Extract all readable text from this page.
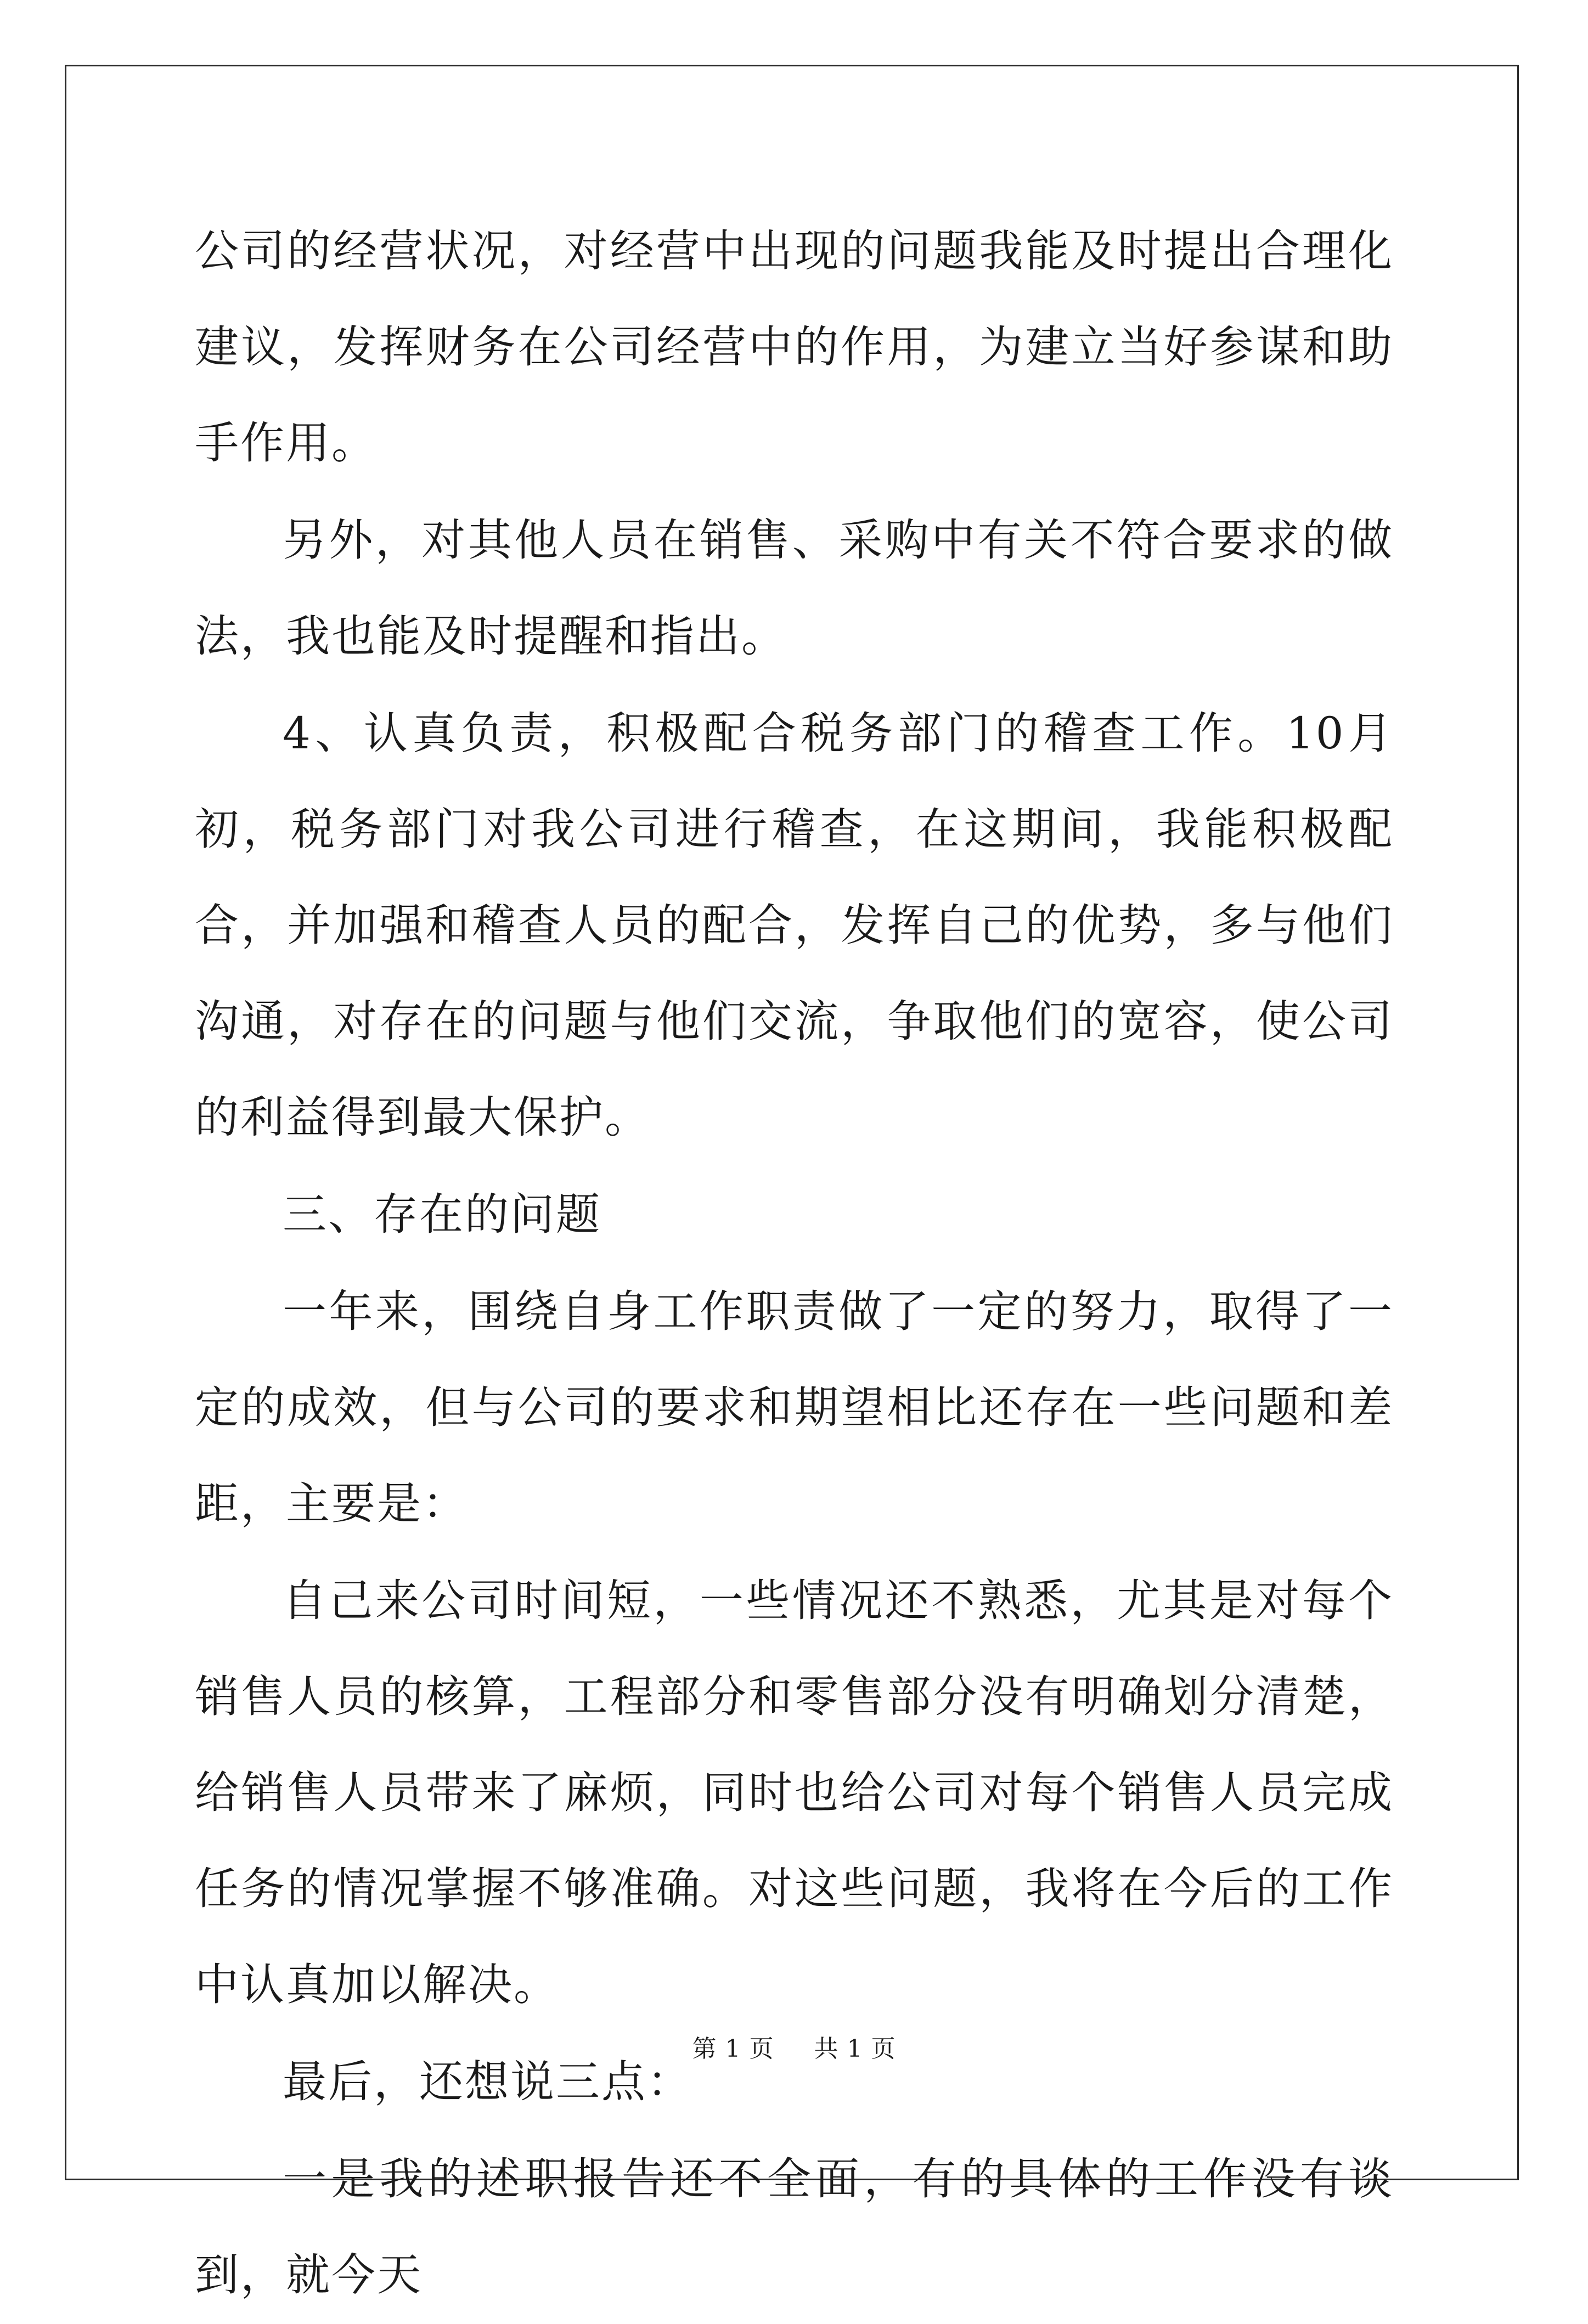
公司的经营状况，对经营中出现的问题我能及时提出合理化建议，发挥财务在公司经营中的作用，为建立当好参谋和助手作用。

另外，对其他人员在销售、采购中有关不符合要求的做法，我也能及时提醒和指出。

4、认真负责，积极配合税务部门的稽查工作。10月初，税务部门对我公司进行稽查，在这期间，我能积极配合，并加强和稽查人员的配合，发挥自己的优势，多与他们沟通，对存在的问题与他们交流，争取他们的宽容，使公司的利益得到最大保护。

三、存在的问题

一年来，围绕自身工作职责做了一定的努力，取得了一定的成效，但与公司的要求和期望相比还存在一些问题和差距，主要是：

自己来公司时间短，一些情况还不熟悉，尤其是对每个销售人员的核算，工程部分和零售部分没有明确划分清楚，给销售人员带来了麻烦，同时也给公司对每个销售人员完成任务的情况掌握不够准确。对这些问题，我将在今后的工作中认真加以解决。

最后，还想说三点：

一是我的述职报告还不全面，有的具体的工作没有谈到，就今天

第 1 页 共 1 页
